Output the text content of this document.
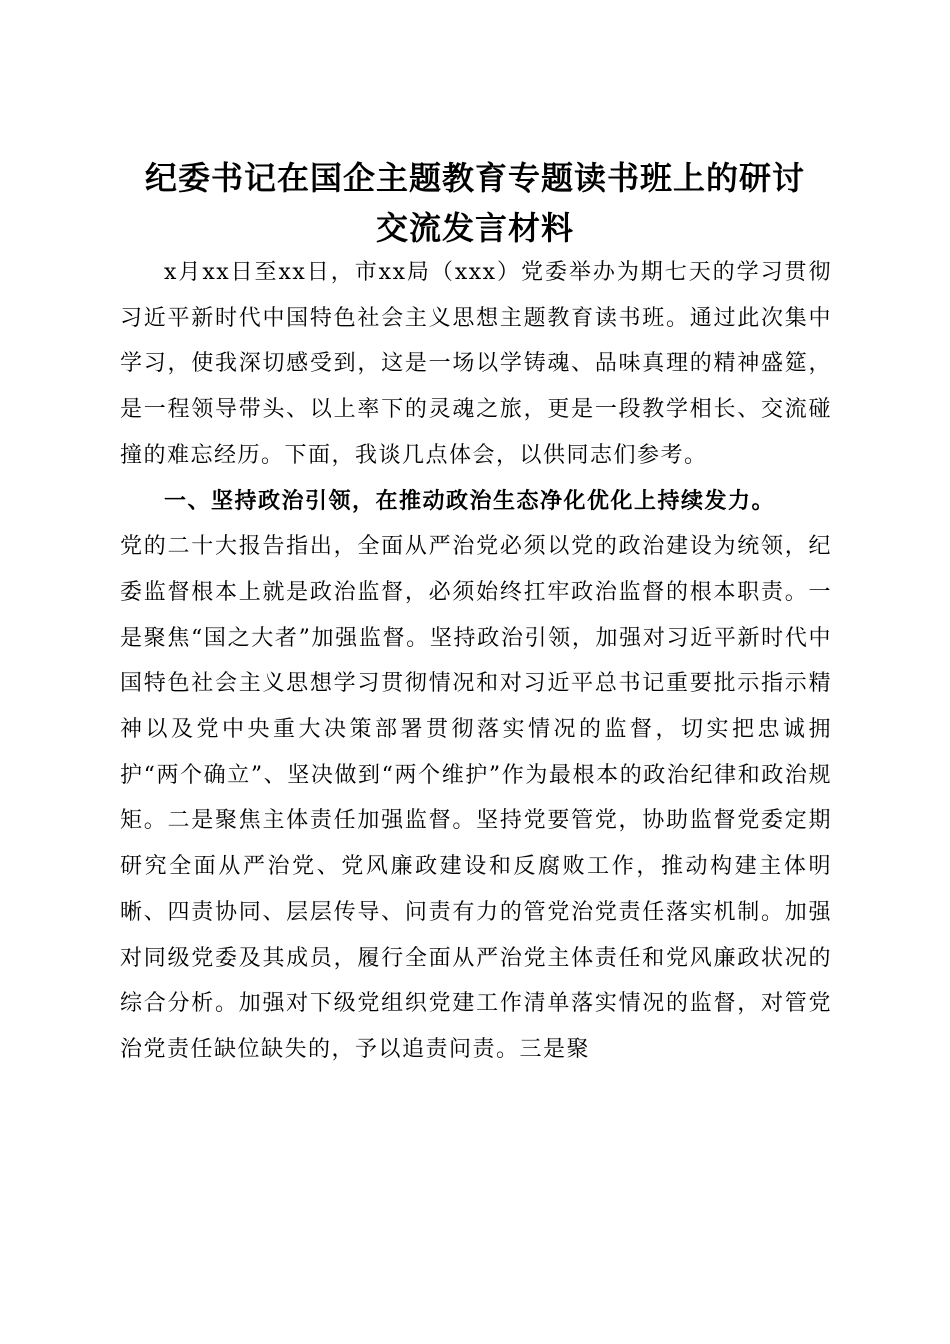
纪委书记在国企主题教育专题读书班上的研讨
交流发言材料

x月xx日至xx日，市xx局（xxx）党委举办为期七天的学习贯彻习近平新时代中国特色社会主义思想主题教育读书班。通过此次集中学习，使我深切感受到，这是一场以学铸魂、品味真理的精神盛筵，是一程领导带头、以上率下的灵魂之旅，更是一段教学相长、交流碰撞的难忘经历。下面，我谈几点体会，以供同志们参考。

一、坚持政治引领，在推动政治生态净化优化上持续发力。

党的二十大报告指出，全面从严治党必须以党的政治建设为统领，纪委监督根本上就是政治监督，必须始终扛牢政治监督的根本职责。一是聚焦“国之大者”加强监督。坚持政治引领，加强对习近平新时代中国特色社会主义思想学习贯彻情况和对习近平总书记重要批示指示精神以及党中央重大决策部署贯彻落实情况的监督，切实把忠诚拥护“两个确立”、坚决做到“两个维护”作为最根本的政治纪律和政治规矩。二是聚焦主体责任加强监督。坚持党要管党，协助监督党委定期研究全面从严治党、党风廉政建设和反腐败工作，推动构建主体明晰、四责协同、层层传导、问责有力的管党治党责任落实机制。加强对同级党委及其成员，履行全面从严治党主体责任和党风廉政状况的综合分析。加强对下级党组织党建工作清单落实情况的监督，对管党治党责任缺位缺失的，予以追责问责。三是聚
